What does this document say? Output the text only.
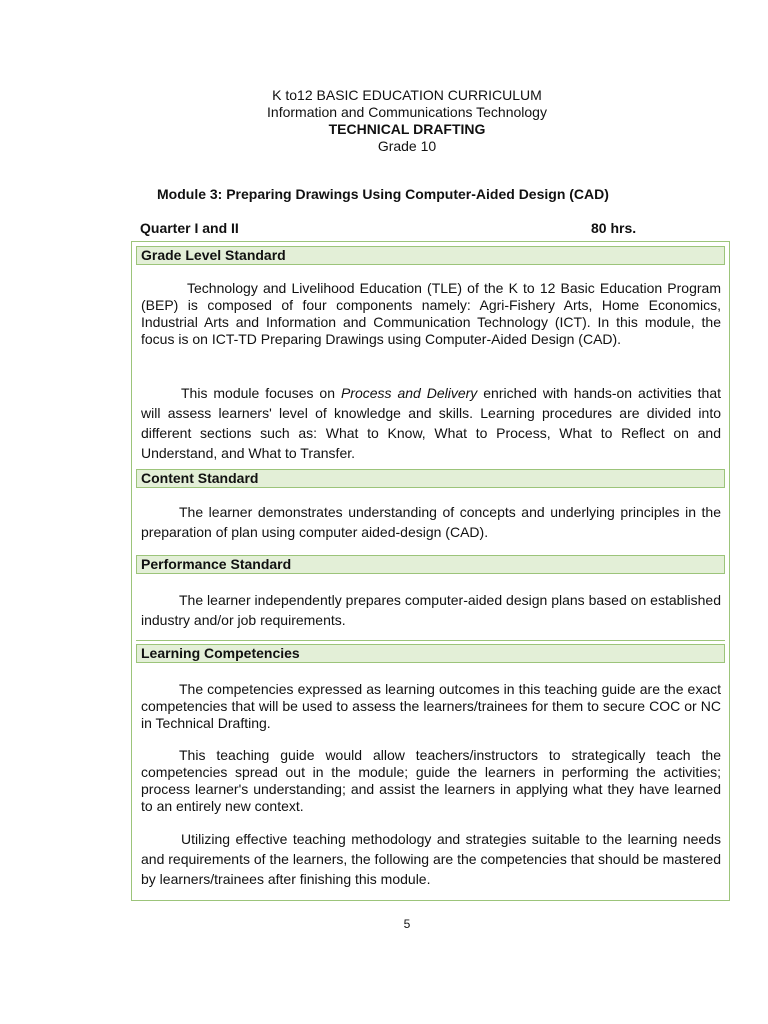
K to12 BASIC EDUCATION CURRICULUM
Information and Communications Technology
TECHNICAL DRAFTING
Grade 10
Module 3: Preparing Drawings Using Computer-Aided Design (CAD)
Quarter I and II	80 hrs.
Grade Level Standard
Technology and Livelihood Education (TLE) of the K to 12 Basic Education Program (BEP) is composed of four components namely: Agri-Fishery Arts, Home Economics, Industrial Arts and Information and Communication Technology (ICT). In this module, the focus is on ICT-TD Preparing Drawings using Computer-Aided Design (CAD).
This module focuses on Process and Delivery enriched with hands-on activities that will assess learners' level of knowledge and skills. Learning procedures are divided into different sections such as: What to Know, What to Process, What to Reflect on and Understand, and What to Transfer.
Content Standard
The learner demonstrates understanding of concepts and underlying principles in the preparation of plan using computer aided-design (CAD).
Performance Standard
The learner independently prepares computer-aided design plans based on established industry and/or job requirements.
Learning Competencies
The competencies expressed as learning outcomes in this teaching guide are the exact competencies that will be used to assess the learners/trainees for them to secure COC or NC in Technical Drafting.
This teaching guide would allow teachers/instructors to strategically teach the competencies spread out in the module; guide the learners in performing the activities; process learner's understanding; and assist the learners in applying what they have learned to an entirely new context.
Utilizing effective teaching methodology and strategies suitable to the learning needs and requirements of the learners, the following are the competencies that should be mastered by learners/trainees after finishing this module.
5
